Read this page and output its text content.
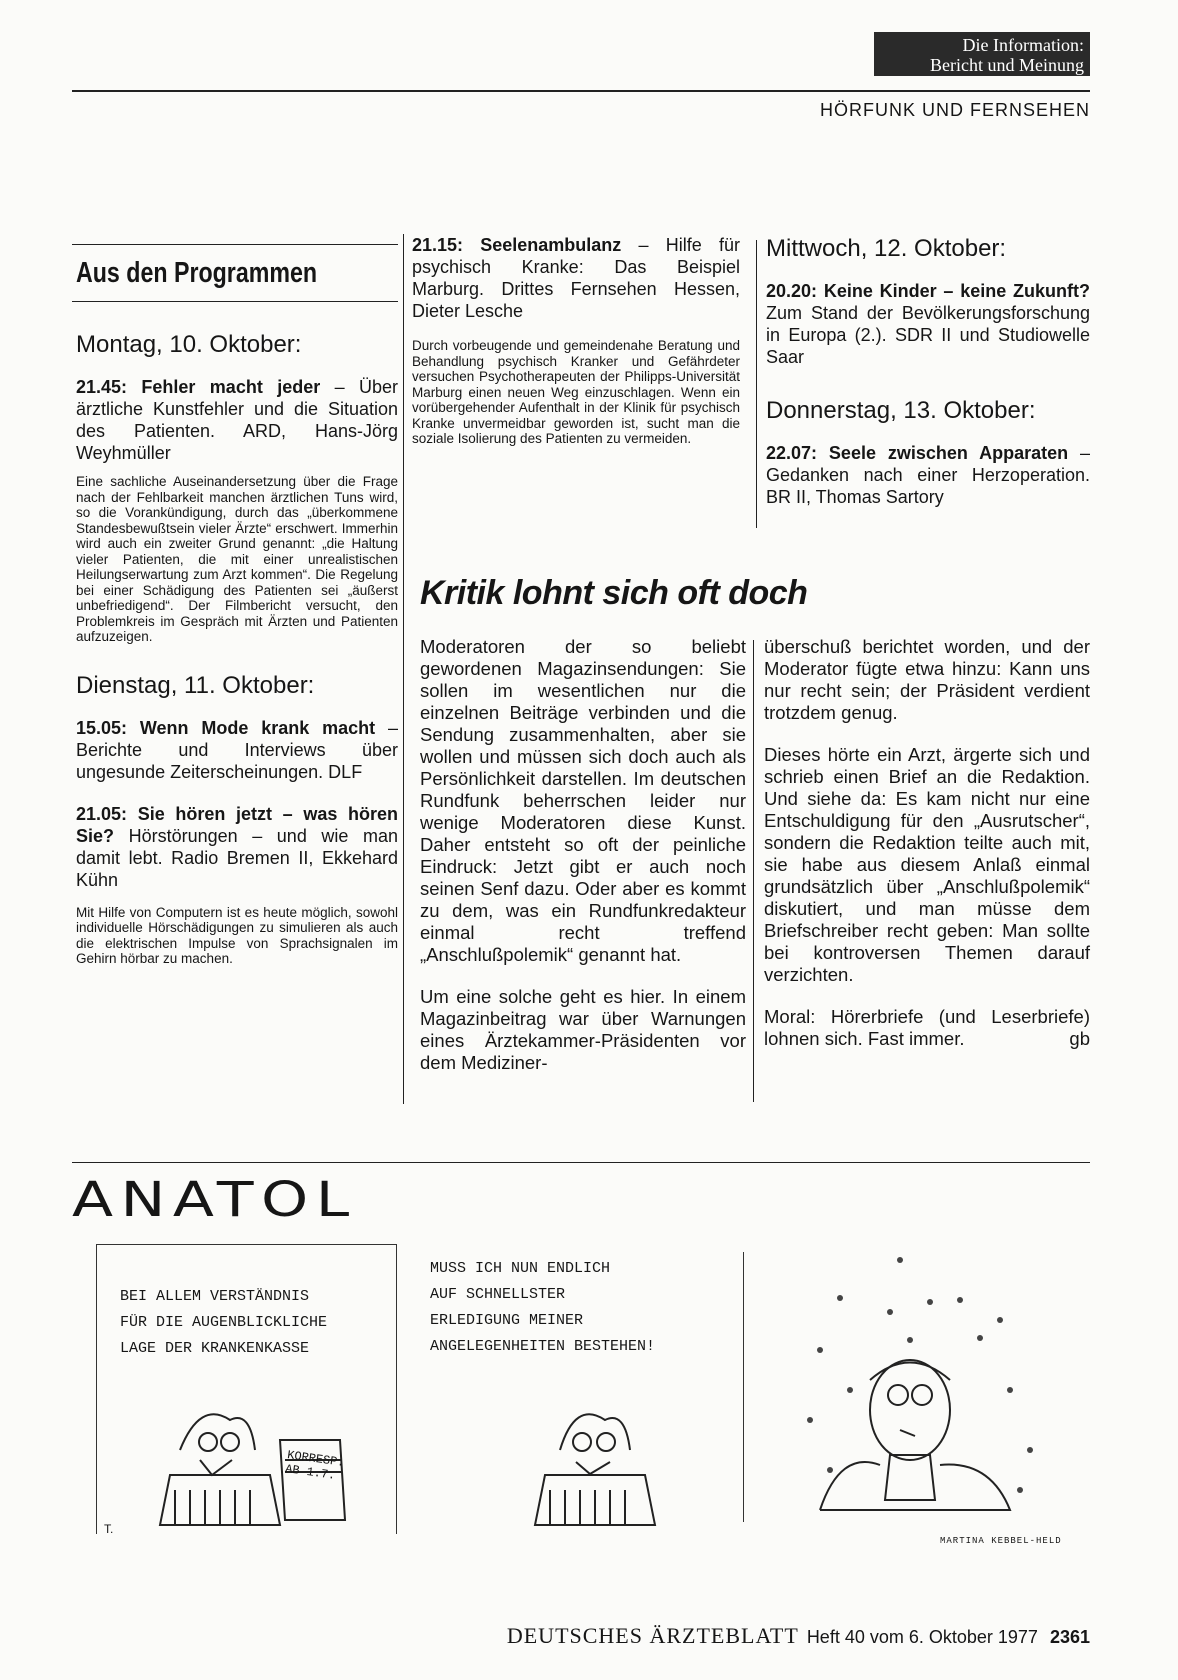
Die Information:
Bericht und Meinung
HÖRFUNK UND FERNSEHEN
Aus den Programmen
Montag, 10. Oktober:
21.45: Fehler macht jeder – Über ärztliche Kunstfehler und die Situation des Patienten. ARD, Hans-Jörg Weyhmüller
Eine sachliche Auseinandersetzung über die Frage nach der Fehlbarkeit manchen ärztlichen Tuns wird, so die Vorankündigung, durch das „überkommene Standesbewußtsein vieler Ärzte“ erschwert. Immerhin wird auch ein zweiter Grund genannt: „die Haltung vieler Patienten, die mit einer unrealistischen Heilungserwartung zum Arzt kommen“. Die Regelung bei einer Schädigung des Patienten sei „äußerst unbefriedigend“. Der Filmbericht versucht, den Problemkreis im Gespräch mit Ärzten und Patienten aufzuzeigen.
Dienstag, 11. Oktober:
15.05: Wenn Mode krank macht – Berichte und Interviews über ungesunde Zeiterscheinungen. DLF
21.05: Sie hören jetzt – was hören Sie? Hörstörungen – und wie man damit lebt. Radio Bremen II, Ekkehard Kühn
Mit Hilfe von Computern ist es heute möglich, sowohl individuelle Hörschädigungen zu simulieren als auch die elektrischen Impulse von Sprachsignalen im Gehirn hörbar zu machen.
21.15: Seelenambulanz – Hilfe für psychisch Kranke: Das Beispiel Marburg. Drittes Fernsehen Hessen, Dieter Lesche
Durch vorbeugende und gemeindenahe Beratung und Behandlung psychisch Kranker und Gefährdeter versuchen Psychotherapeuten der Philipps-Universität Marburg einen neuen Weg einzuschlagen. Wenn ein vorübergehender Aufenthalt in der Klinik für psychisch Kranke unvermeidbar geworden ist, sucht man die soziale Isolierung des Patienten zu vermeiden.
Mittwoch, 12. Oktober:
20.20: Keine Kinder – keine Zukunft? Zum Stand der Bevölkerungsforschung in Europa (2.). SDR II und Studiowelle Saar
Donnerstag, 13. Oktober:
22.07: Seele zwischen Apparaten – Gedanken nach einer Herzoperation. BR II, Thomas Sartory
Kritik lohnt sich oft doch

Moderatoren der so beliebt gewordenen Magazinsendungen: Sie sollen im wesentlichen nur die einzelnen Beiträge verbinden und die Sendung zusammenhalten, aber sie wollen und müssen sich doch auch als Persönlichkeit darstellen. Im deutschen Rundfunk beherrschen leider nur wenige Moderatoren diese Kunst. Daher entsteht so oft der peinliche Eindruck: Jetzt gibt er auch noch seinen Senf dazu. Oder aber es kommt zu dem, was ein Rundfunkredakteur einmal recht treffend „Anschlußpolemik“ genannt hat.

Um eine solche geht es hier. In einem Magazinbeitrag war über Warnungen eines Ärztekammer-Präsidenten vor dem Mediziner-

überschuß berichtet worden, und der Moderator fügte etwa hinzu: Kann uns nur recht sein; der Präsident verdient trotzdem genug.

Dieses hörte ein Arzt, ärgerte sich und schrieb einen Brief an die Redaktion. Und siehe da: Es kam nicht nur eine Entschuldigung für den „Ausrutscher“, sondern die Redaktion teilte auch mit, sie habe aus diesem Anlaß einmal grundsätzlich über „Anschlußpolemik“ diskutiert, und man müsse dem Briefschreiber recht geben: Man sollte bei kontroversen Themen darauf verzichten.

Moral: Hörerbriefe (und Leserbriefe) lohnen sich. Fast immer.	gb

ANATOL
BEI ALLEM VERSTÄNDNIS
FÜR DIE AUGENBLICKLICHE
LAGE DER KRANKENKASSE
MUSS ICH NUN ENDLICH
AUF SCHNELLSTER
ERLEDIGUNG MEINER
ANGELEGENHEITEN BESTEHEN!
KORRESP. AB 1.7.
T.
MARTINA KEBBEL-HELD
DEUTSCHES ÄRZTEBLATT Heft 40 vom 6. Oktober 1977 2361
